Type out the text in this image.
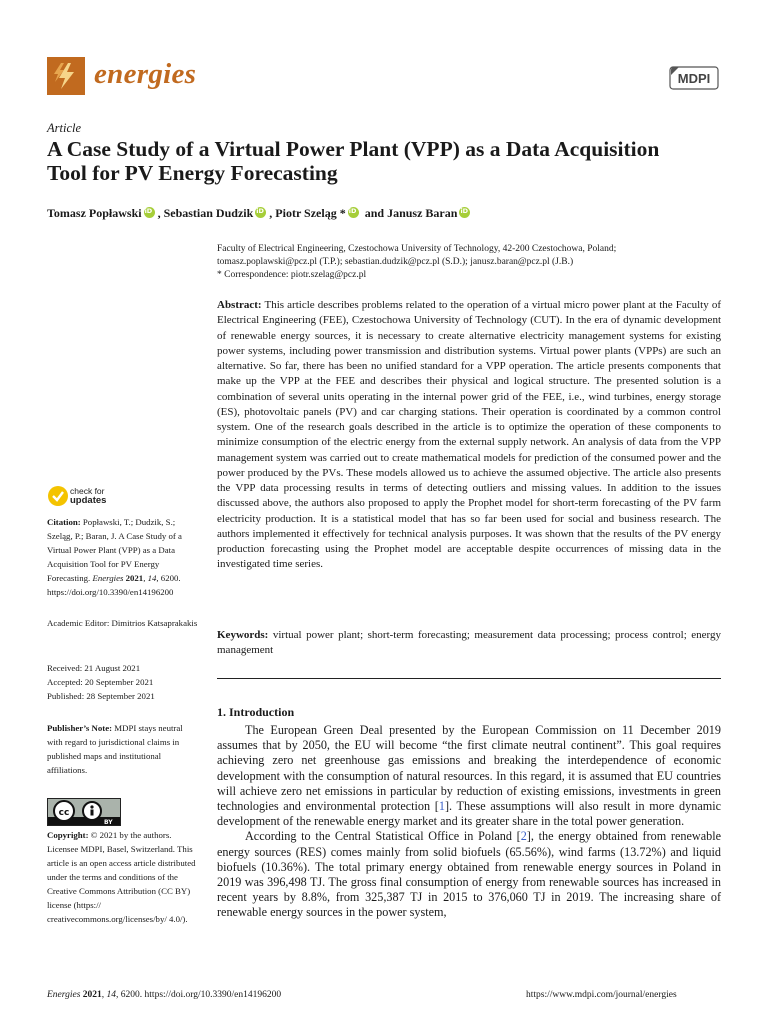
energies	MDPI
Article
A Case Study of a Virtual Power Plant (VPP) as a Data Acquisition Tool for PV Energy Forecasting
Tomasz Popławski iD , Sebastian Dudzik iD , Piotr Szeląg *iD and Janusz BaraniD
Faculty of Electrical Engineering, Czestochowa University of Technology, 42-200 Czestochowa, Poland;
tomasz.poplawski@pcz.pl (T.P.); sebastian.dudzik@pcz.pl (S.D.); janusz.baran@pcz.pl (J.B.)
* Correspondence: piotr.szelag@pcz.pl
Abstract: This article describes problems related to the operation of a virtual micro power plant at the Faculty of Electrical Engineering (FEE), Czestochowa University of Technology (CUT). In the era of dynamic development of renewable energy sources, it is necessary to create alternative electricity management systems for existing power systems, including power transmission and distribution systems. Virtual power plants (VPPs) are such an alternative. So far, there has been no unified standard for a VPP operation. The article presents components that make up the VPP at the FEE and describes their physical and logical structure. The presented solution is a combination of several units operating in the internal power grid of the FEE, i.e., wind turbines, energy storage (ES), photovoltaic panels (PV) and car charging stations. Their operation is coordinated by a common control system. One of the research goals described in the article is to optimize the operation of these components to minimize consumption of the electric energy from the external supply network. An analysis of data from the VPP management system was carried out to create mathematical models for prediction of the consumed power and the power produced by the PVs. These models allowed us to achieve the assumed objective. The article also presents the VPP data processing results in terms of detecting outliers and missing values. In addition to the issues discussed above, the authors also proposed to apply the Prophet model for short-term forecasting of the PV farm electricity production. It is a statistical model that has so far been used for social and business research. The authors implemented it effectively for technical analysis purposes. It was shown that the results of the PV energy production forecasting using the Prophet model are acceptable despite occurrences of missing data in the investigated time series.
Keywords: virtual power plant; short-term forecasting; measurement data processing; process control; energy management
1. Introduction

The European Green Deal presented by the European Commission on 11 December 2019 assumes that by 2050, the EU will become “the first climate neutral continent”. This goal requires achieving zero net greenhouse gas emissions and breaking the interdependence of economic development with the consumption of natural resources. In this regard, it is assumed that EU countries will achieve zero net emissions in particular by reduction of existing emissions, investments in green technologies and environmental protection [1]. These assumptions will also result in more dynamic development of the renewable energy market and its greater share in the total power generation.

According to the Central Statistical Office in Poland [2], the energy obtained from renewable energy sources (RES) comes mainly from solid biofuels (65.56%), wind farms (13.72%) and liquid biofuels (10.36%). The total primary energy obtained from renewable energy sources in Poland in 2019 was 396,498 TJ. The gross final consumption of energy from renewable sources has increased in recent years by 8.8%, from 325,387 TJ in 2015 to 376,060 TJ in 2019. The increasing share of renewable energy sources in the power system,

check for
updates
Citation: Popławski, T.; Dudzik, S.; Szeląg, P.; Baran, J. A Case Study of a Virtual Power Plant (VPP) as a Data Acquisition Tool for PV Energy Forecasting. Energies 2021, 14, 6200. https://doi.org/10.3390/en14196200
Academic Editor: Dimitrios Katsaprakakis
Received: 21 August 2021
Accepted: 20 September 2021
Published: 28 September 2021
Publisher’s Note: MDPI stays neutral with regard to jurisdictional claims in published maps and institutional affiliations.
cc
BY
Copyright: © 2021 by the authors. Licensee MDPI, Basel, Switzerland. This article is an open access article distributed under the terms and conditions of the Creative Commons Attribution (CC BY) license (https:// creativecommons.org/licenses/by/ 4.0/).
Energies 2021, 14, 6200. https://doi.org/10.3390/en14196200	https://www.mdpi.com/journal/energies
